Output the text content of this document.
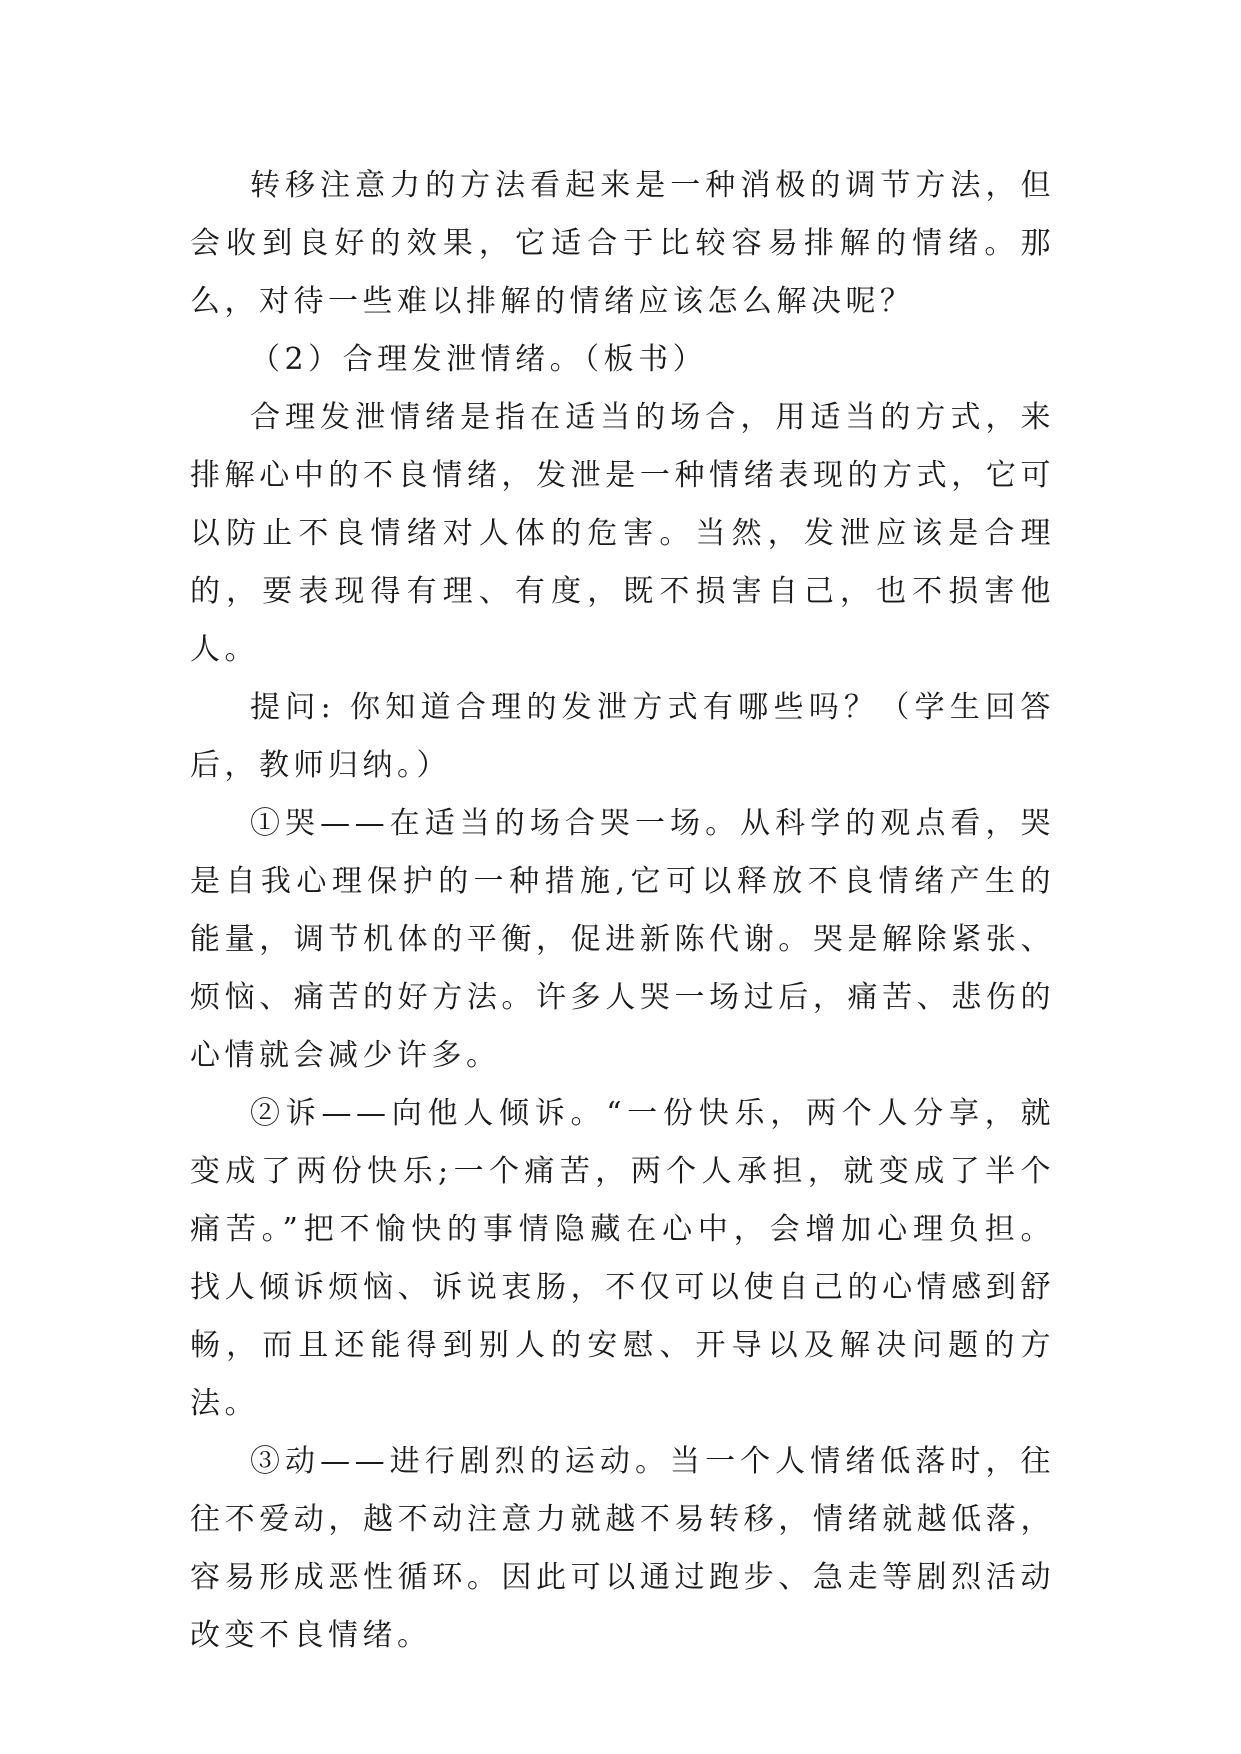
转移注意力的方法看起来是一种消极的调节方法，但会收到良好的效果，它适合于比较容易排解的情绪。那么，对待一些难以排解的情绪应该怎么解决呢？

（2）合理发泄情绪。（板书）

合理发泄情绪是指在适当的场合，用适当的方式，来排解心中的不良情绪，发泄是一种情绪表现的方式，它可以防止不良情绪对人体的危害。当然，发泄应该是合理的，要表现得有理、有度，既不损害自己，也不损害他人。

提问: 你知道合理的发泄方式有哪些吗？（学生回答后，教师归纳。）

①哭——在适当的场合哭一场。从科学的观点看，哭是自我心理保护的一种措施,它可以释放不良情绪产生的能量，调节机体的平衡，促进新陈代谢。哭是解除紧张、烦恼、痛苦的好方法。许多人哭一场过后，痛苦、悲伤的心情就会减少许多。

②诉——向他人倾诉。“一份快乐，两个人分享，就变成了两份快乐;一个痛苦，两个人承担，就变成了半个痛苦。”把不愉快的事情隐藏在心中，会增加心理负担。找人倾诉烦恼、诉说衷肠，不仅可以使自己的心情感到舒畅，而且还能得到别人的安慰、开导以及解决问题的方法。

③动——进行剧烈的运动。当一个人情绪低落时，往往不爱动，越不动注意力就越不易转移，情绪就越低落，容易形成恶性循环。因此可以通过跑步、急走等剧烈活动改变不良情绪。
